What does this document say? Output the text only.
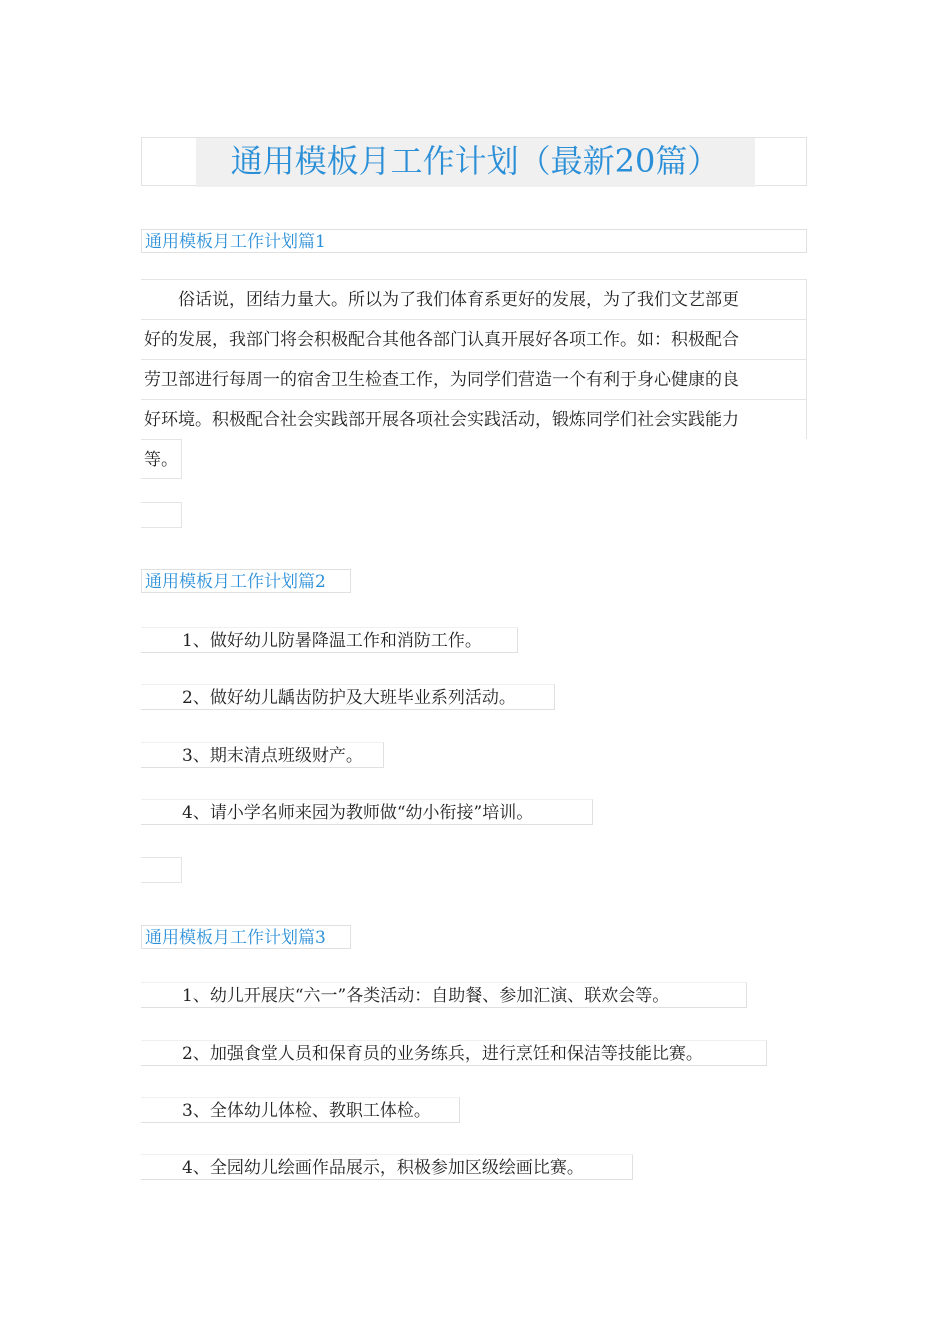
通用模板月工作计划（最新20篇）
通用模板月工作计划篇1
　　俗话说，团结力量大。所以为了我们体育系更好的发展，为了我们文艺部更
好的发展，我部门将会积极配合其他各部门认真开展好各项工作。如：积极配合
劳卫部进行每周一的宿舍卫生检查工作，为同学们营造一个有利于身心健康的良
好环境。积极配合社会实践部开展各项社会实践活动，锻炼同学们社会实践能力
等。
通用模板月工作计划篇2
1、做好幼儿防暑降温工作和消防工作。
2、做好幼儿龋齿防护及大班毕业系列活动。
3、期末清点班级财产。
4、请小学名师来园为教师做“幼小衔接”培训。
通用模板月工作计划篇3
1、幼儿开展庆“六一”各类活动：自助餐、参加汇演、联欢会等。
2、加强食堂人员和保育员的业务练兵，进行烹饪和保洁等技能比赛。
3、全体幼儿体检、教职工体检。
4、全园幼儿绘画作品展示，积极参加区级绘画比赛。
